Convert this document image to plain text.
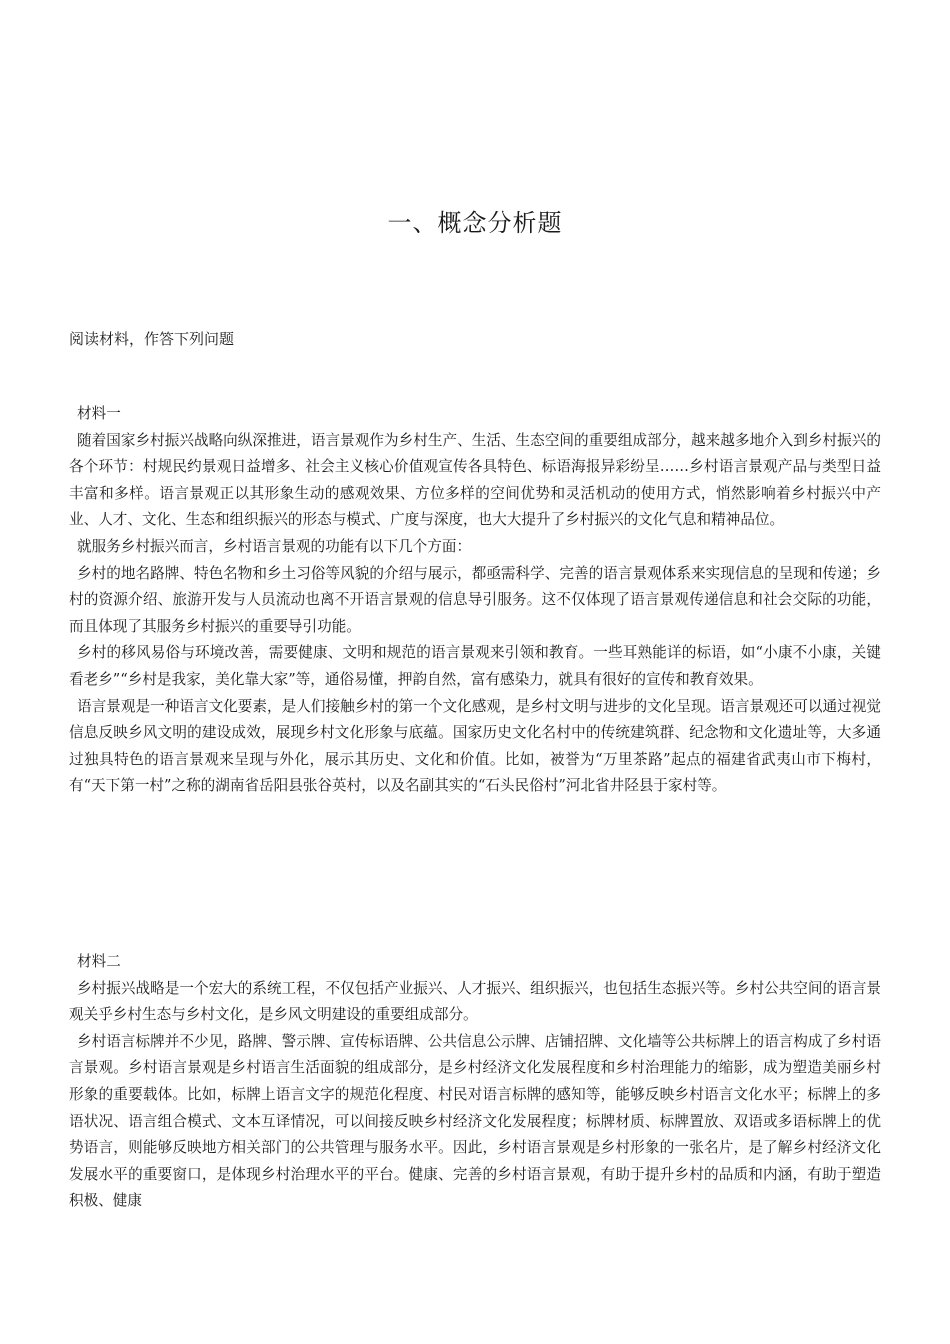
一、概念分析题
阅读材料，作答下列问题

材料一

随着国家乡村振兴战略向纵深推进，语言景观作为乡村生产、生活、生态空间的重要组成部分，越来越多地介入到乡村振兴的各个环节：村规民约景观日益增多、社会主义核心价值观宣传各具特色、标语海报异彩纷呈……乡村语言景观产品与类型日益丰富和多样。语言景观正以其形象生动的感观效果、方位多样的空间优势和灵活机动的使用方式，悄然影响着乡村振兴中产业、人才、文化、生态和组织振兴的形态与模式、广度与深度，也大大提升了乡村振兴的文化气息和精神品位。

就服务乡村振兴而言，乡村语言景观的功能有以下几个方面：

乡村的地名路牌、特色名物和乡土习俗等风貌的介绍与展示，都亟需科学、完善的语言景观体系来实现信息的呈现和传递；乡村的资源介绍、旅游开发与人员流动也离不开语言景观的信息导引服务。这不仅体现了语言景观传递信息和社会交际的功能，而且体现了其服务乡村振兴的重要导引功能。

乡村的移风易俗与环境改善，需要健康、文明和规范的语言景观来引领和教育。一些耳熟能详的标语，如“小康不小康，关键看老乡”“乡村是我家，美化靠大家”等，通俗易懂，押韵自然，富有感染力，就具有很好的宣传和教育效果。

语言景观是一种语言文化要素，是人们接触乡村的第一个文化感观，是乡村文明与进步的文化呈现。语言景观还可以通过视觉信息反映乡风文明的建设成效，展现乡村文化形象与底蕴。国家历史文化名村中的传统建筑群、纪念物和文化遗址等，大多通过独具特色的语言景观来呈现与外化，展示其历史、文化和价值。比如，被誉为“万里茶路”起点的福建省武夷山市下梅村，有“天下第一村”之称的湖南省岳阳县张谷英村，以及名副其实的“石头民俗村”河北省井陉县于家村等。

材料二

乡村振兴战略是一个宏大的系统工程，不仅包括产业振兴、人才振兴、组织振兴，也包括生态振兴等。乡村公共空间的语言景观关乎乡村生态与乡村文化，是乡风文明建设的重要组成部分。

乡村语言标牌并不少见，路牌、警示牌、宣传标语牌、公共信息公示牌、店铺招牌、文化墙等公共标牌上的语言构成了乡村语言景观。乡村语言景观是乡村语言生活面貌的组成部分，是乡村经济文化发展程度和乡村治理能力的缩影，成为塑造美丽乡村形象的重要载体。比如，标牌上语言文字的规范化程度、村民对语言标牌的感知等，能够反映乡村语言文化水平；标牌上的多语状况、语言组合模式、文本互译情况，可以间接反映乡村经济文化发展程度；标牌材质、标牌置放、双语或多语标牌上的优势语言，则能够反映地方相关部门的公共管理与服务水平。因此，乡村语言景观是乡村形象的一张名片，是了解乡村经济文化发展水平的重要窗口，是体现乡村治理水平的平台。健康、完善的乡村语言景观，有助于提升乡村的品质和内涵，有助于塑造积极、健康
